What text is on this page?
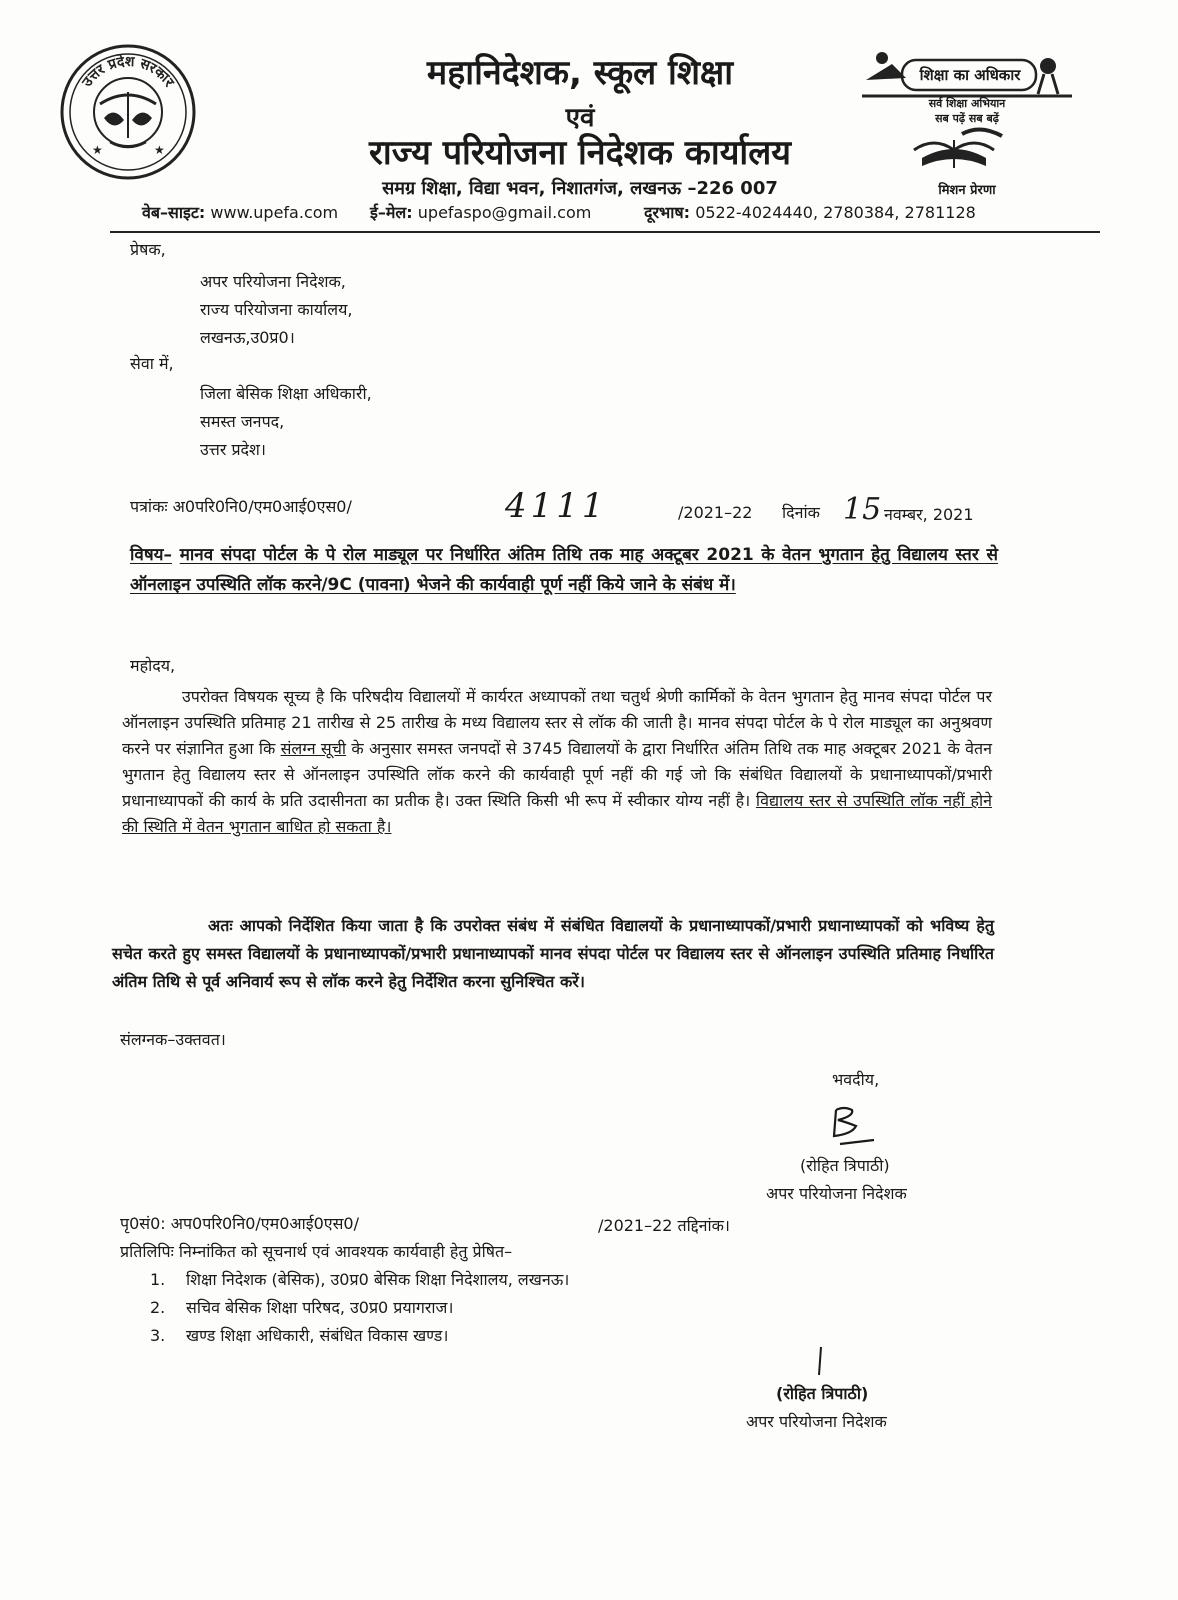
उत्तर प्रदेश सरकार
★	★
महानिदेशक, स्कूल शिक्षा
एवं
राज्य परियोजना निदेशक कार्यालय
समग्र शिक्षा, विद्या भवन, निशातगंज, लखनऊ –226 007
शिक्षा का अधिकार
सर्व शिक्षा अभियान
सब पढ़ें सब बढ़ें
मिशन प्रेरणा
वेब–साइट: www.upefa.com ई–मेल: upefaspo@gmail.com	दूरभाष: 0522-4024440, 2780384, 2781128
प्रेषक,
अपर परियोजना निदेशक,
राज्य परियोजना कार्यालय,
लखनऊ,उ0प्र0।
सेवा में,
जिला बेसिक शिक्षा अधिकारी,
समस्त जनपद,
उत्तर प्रदेश।
पत्रांकः अ0परि0नि0/एम0आई0एस0/	4111	/2021–22 दिनांक 15 नवम्बर, 2021
विषय– मानव संपदा पोर्टल के पे रोल माड्यूल पर निर्धारित अंतिम तिथि तक माह अक्टूबर 2021 के वेतन भुगतान हेतु विद्यालय स्तर से ऑनलाइन उपस्थिति लॉक करने/9C (पावना) भेजने की कार्यवाही पूर्ण नहीं किये जाने के संबंध में।
महोदय,
उपरोक्त विषयक सूच्य है कि परिषदीय विद्यालयों में कार्यरत अध्यापकों तथा चतुर्थ श्रेणी कार्मिकों के वेतन भुगतान हेतु मानव संपदा पोर्टल पर ऑनलाइन उपस्थिति प्रतिमाह 21 तारीख से 25 तारीख के मध्य विद्यालय स्तर से लॉक की जाती है। मानव संपदा पोर्टल के पे रोल माड्यूल का अनुश्रवण करने पर संज्ञानित हुआ कि संलग्न सूची के अनुसार समस्त जनपदों से 3745 विद्यालयों के द्वारा निर्धारित अंतिम तिथि तक माह अक्टूबर 2021 के वेतन भुगतान हेतु विद्यालय स्तर से ऑनलाइन उपस्थिति लॉक करने की कार्यवाही पूर्ण नहीं की गई जो कि संबंधित विद्यालयों के प्रधानाध्यापकों/प्रभारी प्रधानाध्यापकों की कार्य के प्रति उदासीनता का प्रतीक है। उक्त स्थिति किसी भी रूप में स्वीकार योग्य नहीं है। विद्यालय स्तर से उपस्थिति लॉक नहीं होने की स्थिति में वेतन भुगतान बाधित हो सकता है।
अतः आपको निर्देशित किया जाता है कि उपरोक्त संबंध में संबंधित विद्यालयों के प्रधानाध्यापकों/प्रभारी प्रधानाध्यापकों को भविष्य हेतु सचेत करते हुए समस्त विद्यालयों के प्रधानाध्यापकों/प्रभारी प्रधानाध्यापकों मानव संपदा पोर्टल पर विद्यालय स्तर से ऑनलाइन उपस्थिति प्रतिमाह निर्धारित अंतिम तिथि से पूर्व अनिवार्य रूप से लॉक करने हेतु निर्देशित करना सुनिश्चित करें।
संलग्नक–उक्तवत।
भवदीय,
(रोहित त्रिपाठी)
अपर परियोजना निदेशक
पृ0सं0: अप0परि0नि0/एम0आई0एस0/	/2021–22 तद्दिनांक।
प्रतिलिपिः निम्नांकित को सूचनार्थ एवं आवश्यक कार्यवाही हेतु प्रेषित–
1. शिक्षा निदेशक (बेसिक), उ0प्र0 बेसिक शिक्षा निदेशालय, लखनऊ।
2. सचिव बेसिक शिक्षा परिषद, उ0प्र0 प्रयागराज।
3. खण्ड शिक्षा अधिकारी, संबंधित विकास खण्ड।
(रोहित त्रिपाठी)
अपर परियोजना निदेशक
